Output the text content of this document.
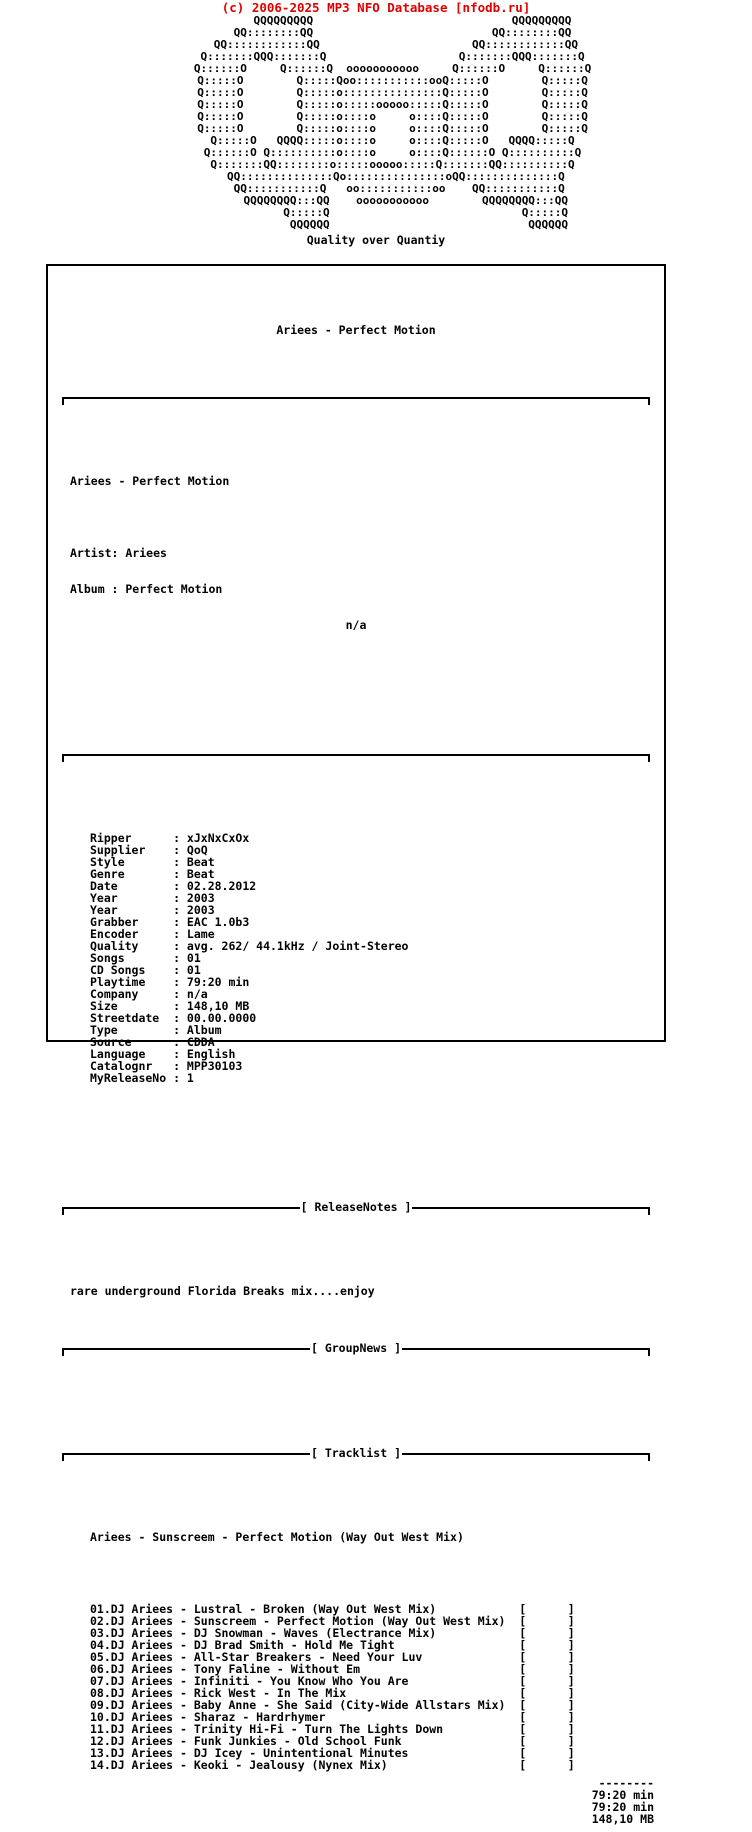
(c) 2006-2025 MP3 NFO Database [nfodb.ru]
QQQQQQQQQ                              QQQQQQQQQ
QQ::::::::QQ                           QQ::::::::QQ
QQ::::::::::::QQ                       QQ::::::::::::QQ
Q:::::::QQQ:::::::Q                    Q:::::::QQQ:::::::Q
Q::::::O     Q::::::Q  ooooooooooo     Q::::::O     Q::::::Q
Q:::::O        Q:::::Qoo:::::::::::ooQ:::::O        Q:::::Q
Q:::::O        Q:::::o:::::::::::::::Q:::::O        Q:::::Q
Q:::::O        Q:::::o:::::ooooo:::::Q:::::O        Q:::::Q
Q:::::O        Q:::::o::::o     o::::Q:::::O        Q:::::Q
Q:::::O        Q:::::o::::o     o::::Q:::::O        Q:::::Q
Q:::::O   QQQQ:::::o::::o     o::::Q:::::O   QQQQ:::::Q
Q::::::O Q::::::::::o::::o     o::::Q::::::O Q::::::::::Q
Q:::::::QQ::::::::o:::::ooooo:::::Q:::::::QQ::::::::::Q
QQ::::::::::::::Qo:::::::::::::::oQQ::::::::::::::Q
QQ:::::::::::Q   oo:::::::::::oo    QQ:::::::::::Q
QQQQQQQQ:::QQ    ooooooooooo        QQQQQQQQ:::QQ
Q:::::Q                             Q:::::Q
QQQQQQ                              QQQQQQ
Quality over Quantiy

Ariees - Perfect Motion

Ariees - Perfect Motion

Artist: Ariees

Album : Perfect Motion

n/a

Ripper      : xJxNxCxOx
Supplier    : QoQ
Style       : Beat
Genre       : Beat
Date        : 02.28.2012
Year        : 2003
Year        : 2003
Grabber     : EAC 1.0b3
Encoder     : Lame
Quality     : avg. 262/ 44.1kHz / Joint-Stereo
Songs       : 01
CD Songs    : 01
Playtime    : 79:20 min
Company     : n/a
Size        : 148,10 MB
Streetdate  : 00.00.0000
Type        : Album
Source      : CDDA
Language    : English
Catalognr   : MPP30103
MyReleaseNo : 1

[ ReleaseNotes ]

rare underground Florida Breaks mix....enjoy

[ GroupNews ]

[ Tracklist ]

Ariees - Sunscreem - Perfect Motion (Way Out West Mix)

01.DJ Ariees - Lustral - Broken (Way Out West Mix)            [      ]
02.DJ Ariees - Sunscreem - Perfect Motion (Way Out West Mix)  [      ]
03.DJ Ariees - DJ Snowman - Waves (Electrance Mix)            [      ]
04.DJ Ariees - DJ Brad Smith - Hold Me Tight                  [      ]
05.DJ Ariees - All-Star Breakers - Need Your Luv              [      ]
06.DJ Ariees - Tony Faline - Without Em                       [      ]
07.DJ Ariees - Infiniti - You Know Who You Are                [      ]
08.DJ Ariees - Rick West - In The Mix                         [      ]
09.DJ Ariees - Baby Anne - She Said (City-Wide Allstars Mix)  [      ]
10.DJ Ariees - Sharaz - Hardrhymer                            [      ]
11.DJ Ariees - Trinity Hi-Fi - Turn The Lights Down           [      ]
12.DJ Ariees - Funk Junkies - Old School Funk                 [      ]
13.DJ Ariees - DJ Icey - Unintentional Minutes                [      ]
14.DJ Ariees - Keoki - Jealousy (Nynex Mix)                   [      ]

--------
79:20 min
79:20 min
148,10 MB
